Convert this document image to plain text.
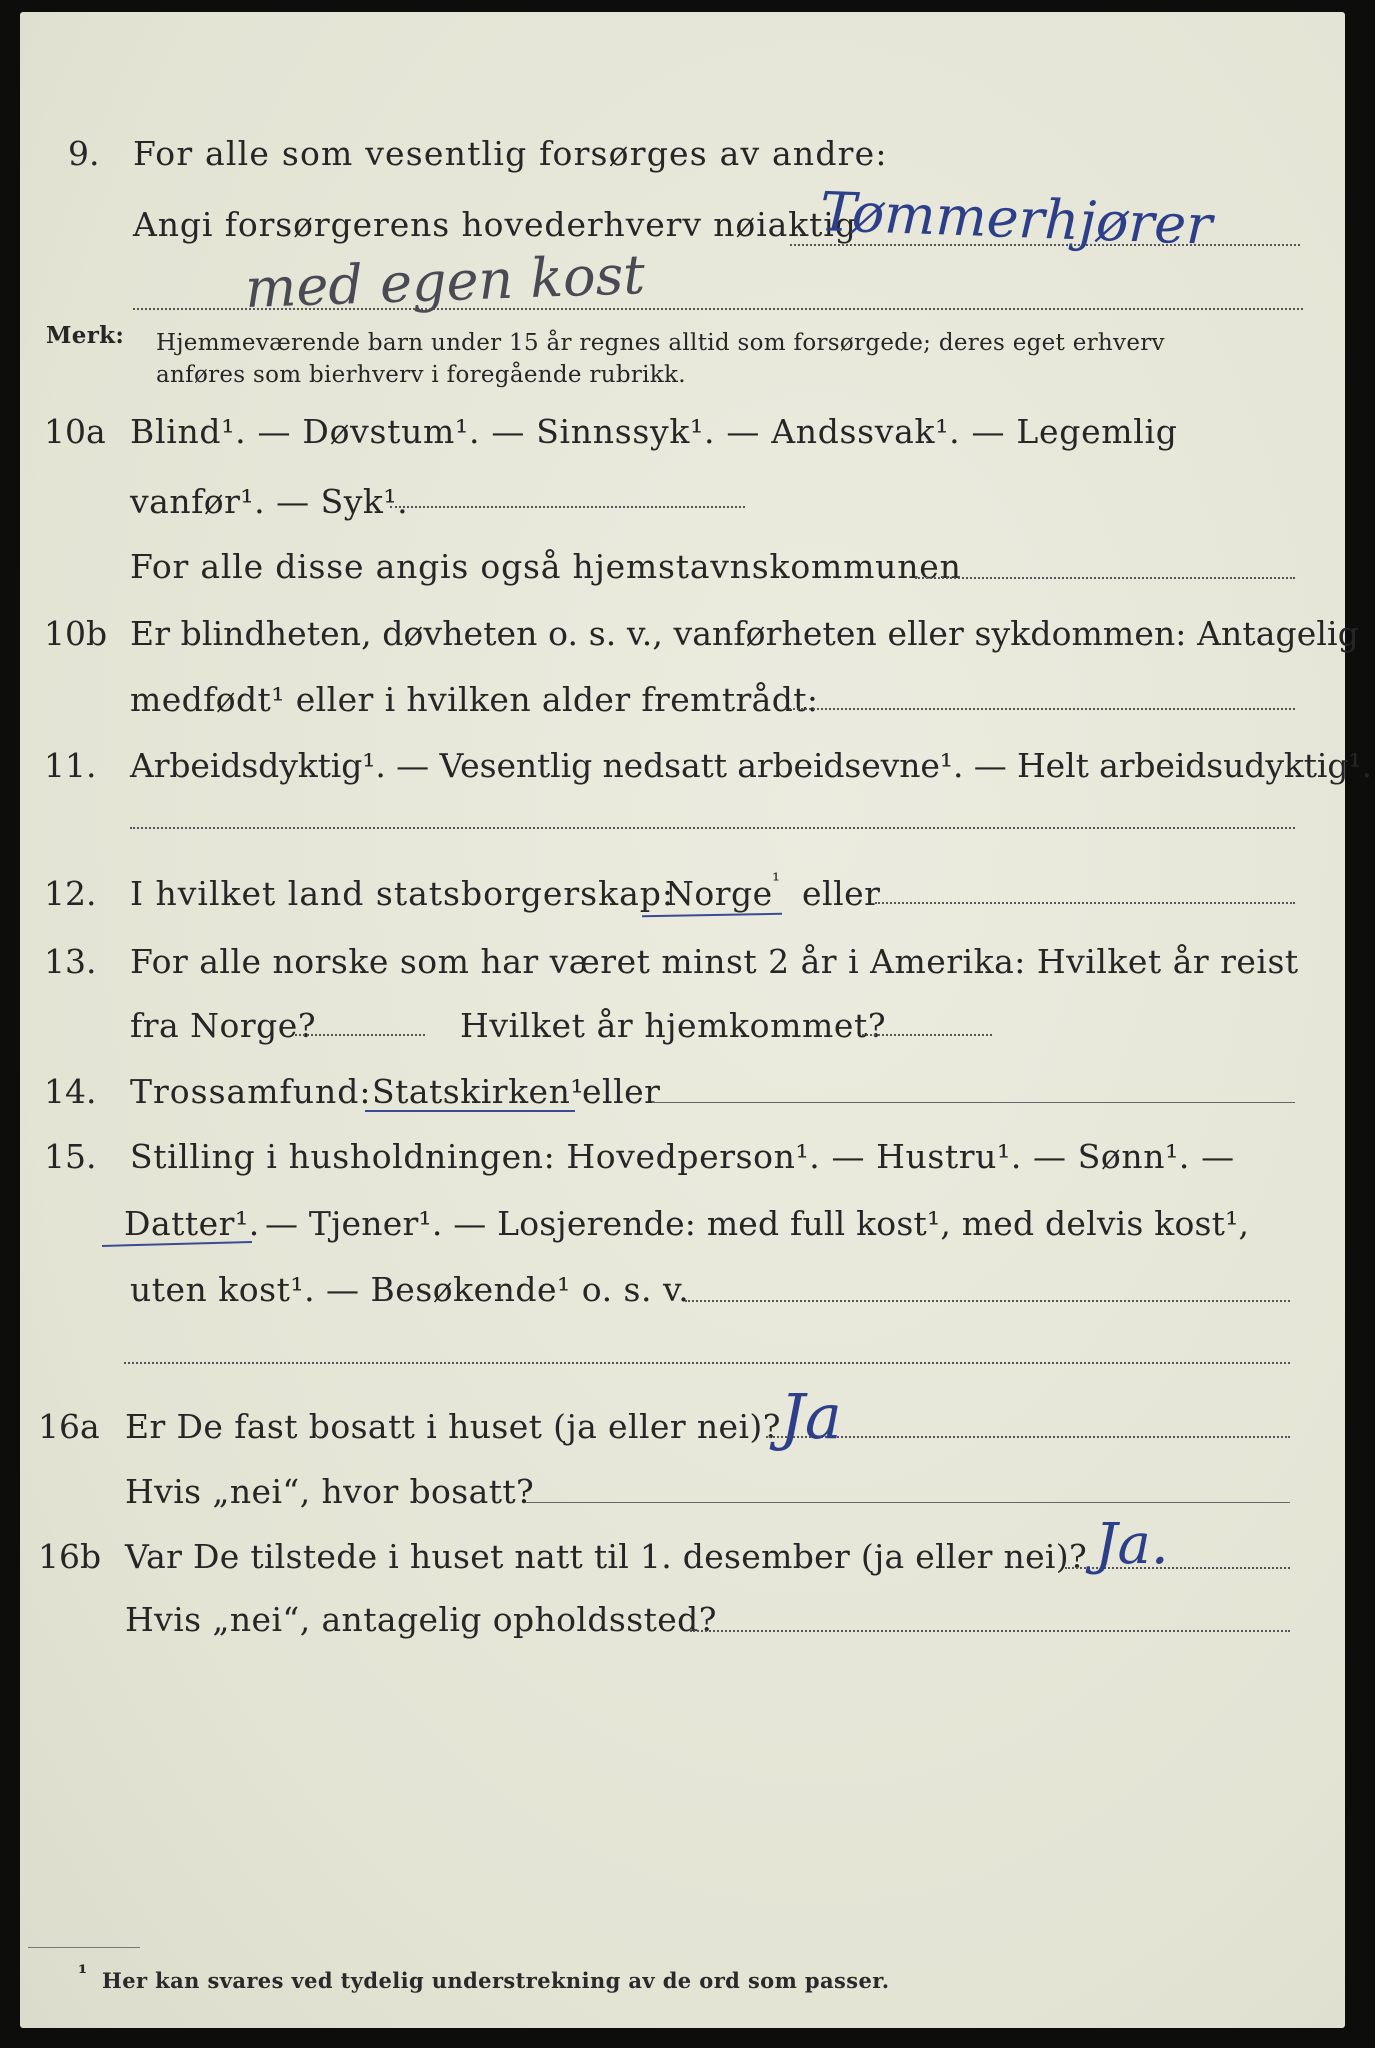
9. For alle som vesentlig forsørges av andre:
Angi forsørgerens hovederhverv nøiaktig
Tømmerhjører
med egen kost
Merk: Hjemmeværende barn under 15 år regnes alltid som forsørgede; deres eget erhverv
anføres som bierhverv i foregående rubrikk.
10a Blind¹. — Døvstum¹. — Sinnssyk¹. — Andssvak¹. — Legemlig
vanfør¹. — Syk¹.
For alle disse angis også hjemstavnskommunen
10b Er blindheten, døvheten o. s. v., vanførheten eller sykdommen: Antagelig
medfødt¹ eller i hvilken alder fremtrådt:
11. Arbeidsdyktig¹. — Vesentlig nedsatt arbeidsevne¹. — Helt arbeidsudyktig¹.
12. I hvilket land statsborgerskap:
Norge ¹ eller
13. For alle norske som har været minst 2 år i Amerika: Hvilket år reist
fra Norge?	Hvilket år hjemkommet?
14. Trossamfund: Statskirken¹
eller
15. Stilling i husholdningen: Hovedperson¹. — Hustru¹. — Sønn¹. —
Datter¹. — Tjener¹. — Losjerende: med full kost¹, med delvis kost¹,
uten kost¹. — Besøkende¹ o. s. v.
16a Er De fast bosatt i huset (ja eller nei)? Ja
Hvis „nei“, hvor bosatt?
16b Var De tilstede i huset natt til 1. desember (ja eller nei)? Ja.
Hvis „nei“, antagelig opholdssted?
¹ Her kan svares ved tydelig understrekning av de ord som passer.
